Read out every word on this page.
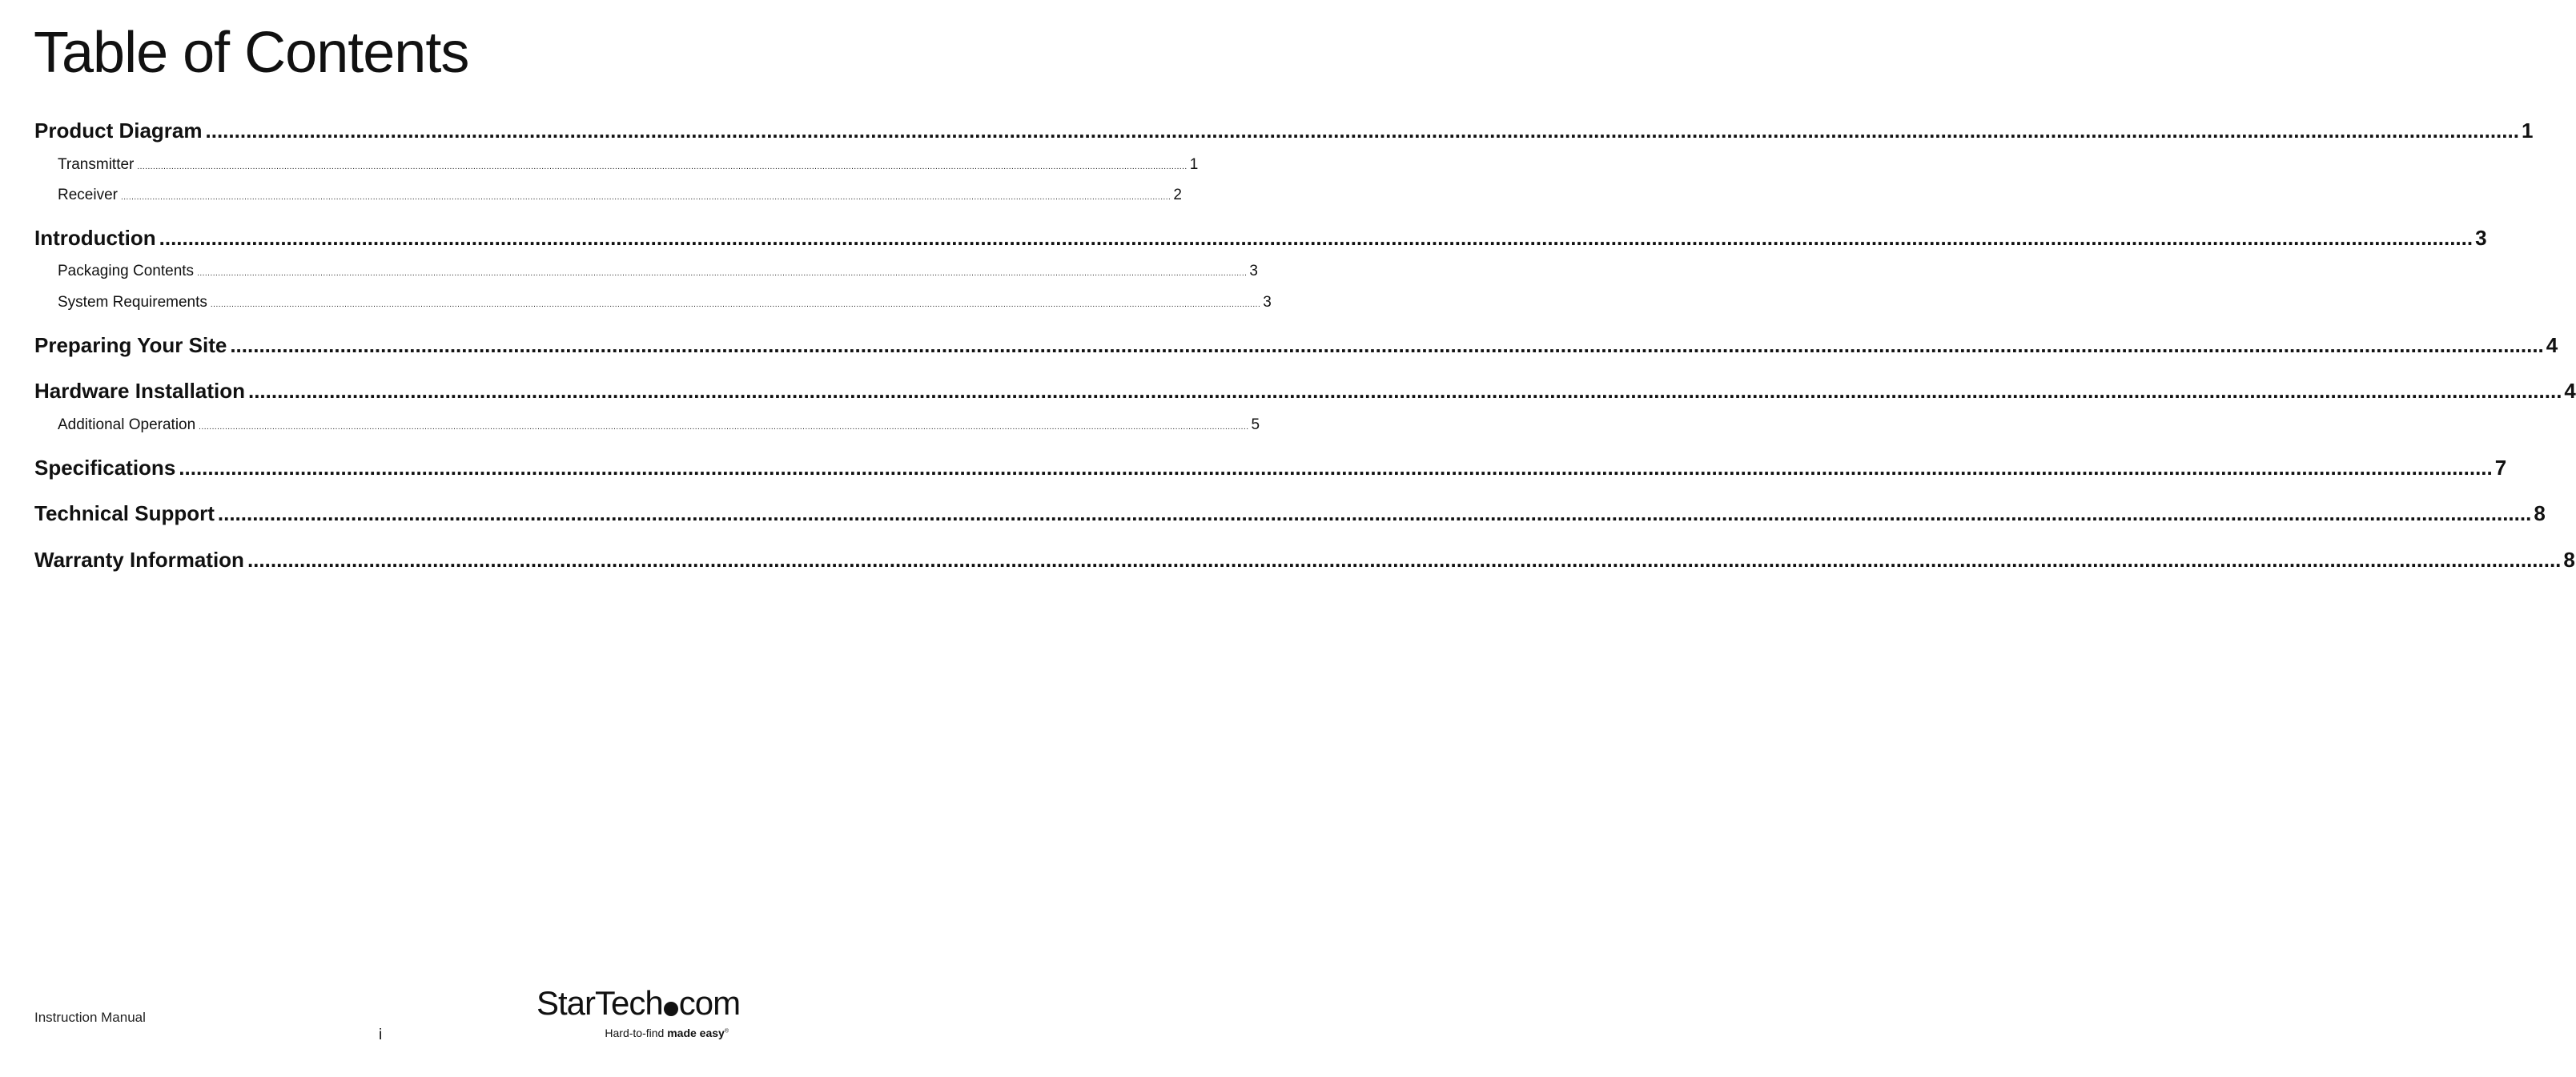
Table of Contents
Product Diagram ................................................................................................................................................................................................................................................................................................................................................................................................................ 1
Transmitter ................................................................................................................................................................................................................................................................................................................................................................................................................ 1
Receiver ................................................................................................................................................................................................................................................................................................................................................................................................................ 2
Introduction ................................................................................................................................................................................................................................................................................................................................................................................................................ 3
Packaging Contents ................................................................................................................................................................................................................................................................................................................................................................................................................ 3
System Requirements ................................................................................................................................................................................................................................................................................................................................................................................................................ 3
Preparing Your Site ................................................................................................................................................................................................................................................................................................................................................................................................................ 4
Hardware Installation ................................................................................................................................................................................................................................................................................................................................................................................................................ 4
Additional Operation ................................................................................................................................................................................................................................................................................................................................................................................................................ 5
Specifications ................................................................................................................................................................................................................................................................................................................................................................................................................ 7
Technical Support ................................................................................................................................................................................................................................................................................................................................................................................................................ 8
Warranty Information ................................................................................................................................................................................................................................................................................................................................................................................................................ 8
Instruction Manual
i
StarTech com
Hard-to-find made easy®
